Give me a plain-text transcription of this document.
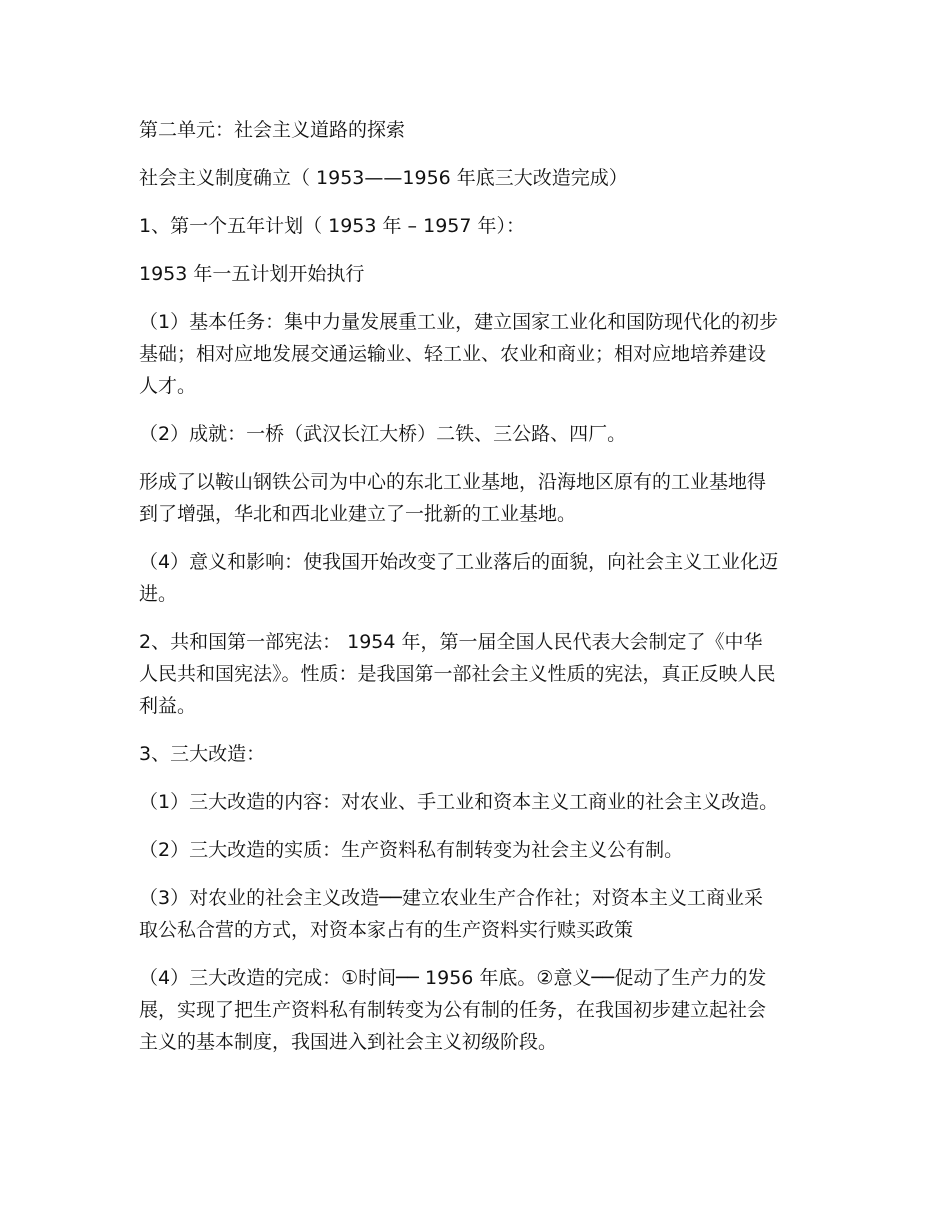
第二单元：社会主义道路的探索

社会主义制度确立（ 1953——1956 年底三大改造完成）

1、第一个五年计划（ 1953 年 – 1957 年）：

1953 年一五计划开始执行

（1）基本任务：集中力量发展重工业，建立国家工业化和国防现代化的初步基础；相对应地发展交通运输业、轻工业、农业和商业；相对应地培养建设人才。

（2）成就：一桥（武汉长江大桥）二铁、三公路、四厂。

形成了以鞍山钢铁公司为中心的东北工业基地，沿海地区原有的工业基地得到了增强，华北和西北业建立了一批新的工业基地。

（4）意义和影响：使我国开始改变了工业落后的面貌，向社会主义工业化迈进。

2、共和国第一部宪法： 1954 年，第一届全国人民代表大会制定了《中华人民共和国宪法》。性质：是我国第一部社会主义性质的宪法，真正反映人民利益。

3、三大改造：

（1）三大改造的内容：对农业、手工业和资本主义工商业的社会主义改造。

（2）三大改造的实质：生产资料私有制转变为社会主义公有制。

（3）对农业的社会主义改造──建立农业生产合作社；对资本主义工商业采取公私合营的方式，对资本家占有的生产资料实行赎买政策

（4）三大改造的完成：①时间── 1956 年底。②意义──促动了生产力的发展，实现了把生产资料私有制转变为公有制的任务，在我国初步建立起社会主义的基本制度，我国进入到社会主义初级阶段。
